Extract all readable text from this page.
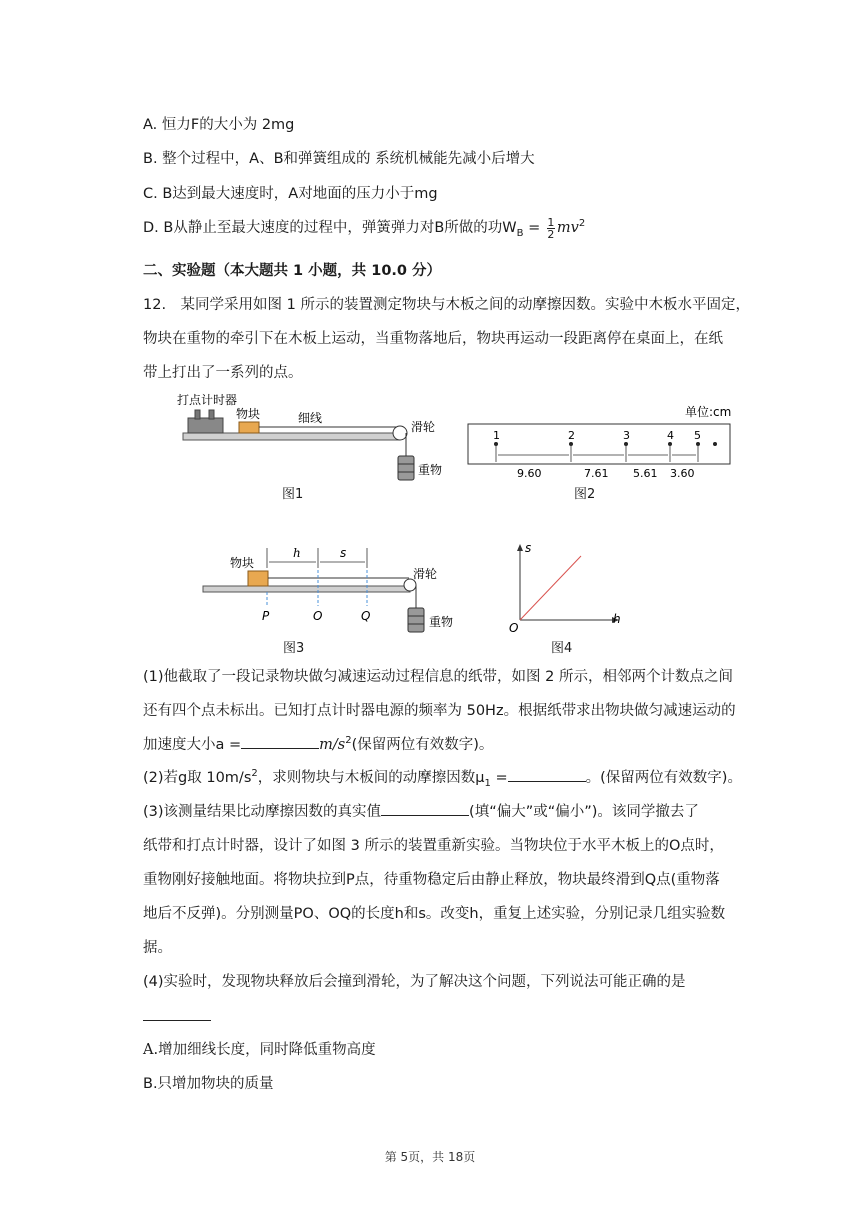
A. 恒力F的大小为 2mg
B. 整个过程中，A、B和弹簧组成的 系统机械能先减小后增大
C. B达到最大速度时，A对地面的压力小于mg
D. B从静止至最大速度的过程中，弹簧弹力对B所做的功$W_B = \frac{1}{2} mv^2$
二、实验题（本大题共 1 小题，共 10.0 分）
12.　某同学采用如图 1 所示的装置测定物块与木板之间的动摩擦因数。实验中木板水平固定，
物块在重物的牵引下在木板上运动，当重物落地后，物块再运动一段距离停在桌面上，在纸
带上打出了一系列的点。
打点计时器
物块	细线
滑轮
重物
图1
单位:cm
1	2	3	4 5
9.60	7.61 5.61 3.60
图2
物块
h	s
滑轮
重物
P	O	Q
图3
s
h
O
图4
(1)他截取了一段记录物块做匀减速运动过程信息的纸带，如图 2 所示，相邻两个计数点之间
还有四个点未标出。已知打点计时器电源的频率为 50Hz。根据纸带求出物块做匀减速运动的
加速度大小a =	$m/s^2$(保留两位有效数字)。
(2)若g取 $10m/s^2$，求则物块与木板间的动摩擦因数$\mu_1$ =	。(保留两位有效数字)。
(3)该测量结果比动摩擦因数的真实值	(填“偏大”或“偏小”)。该同学撤去了
纸带和打点计时器，设计了如图 3 所示的装置重新实验。当物块位于水平木板上的O点时，
重物刚好接触地面。将物块拉到P点，待重物稳定后由静止释放，物块最终滑到Q点(重物落
地后不反弹)。分别测量PO、OQ的长度h和s。改变h，重复上述实验，分别记录几组实验数
据。
(4)实验时，发现物块释放后会撞到滑轮，为了解决这个问题，下列说法可能正确的是
A.增加细线长度，同时降低重物高度
B.只增加物块的质量
第 5页，共 18页
